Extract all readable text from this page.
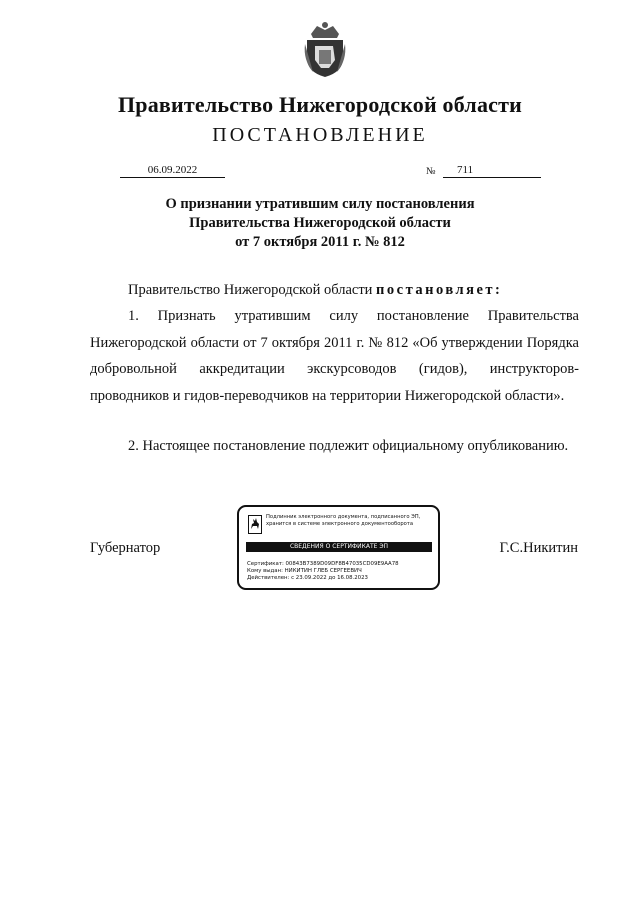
Правительство Нижегородской области
ПОСТАНОВЛЕНИЕ
06.09.2022	№	711
О признании утратившим силу постановления
Правительства Нижегородской области
от 7 октября 2011 г. № 812
Правительство Нижегородской области постановляет:
1. Признать утратившим силу постановление Правительства Нижегородской области от 7 октября 2011 г. № 812 «Об утверждении Порядка добровольной аккредитации экскурсоводов (гидов), инструкторов-проводников и гидов-переводчиков на территории Нижегородской области».
2. Настоящее постановление подлежит официальному опубликованию.
Губернатор	Г.С.Никитин
Подлинник электронного документа, подписанного ЭП,
хранится в системе электронного документооборота
СВЕДЕНИЯ О СЕРТИФИКАТЕ ЭП
Сертификат: 00843B7389D09DF8B47035CD09E9AA78
Кому выдан: НИКИТИН ГЛЕБ СЕРГЕЕВИЧ
Действителен: с 23.09.2022 до 16.08.2023
